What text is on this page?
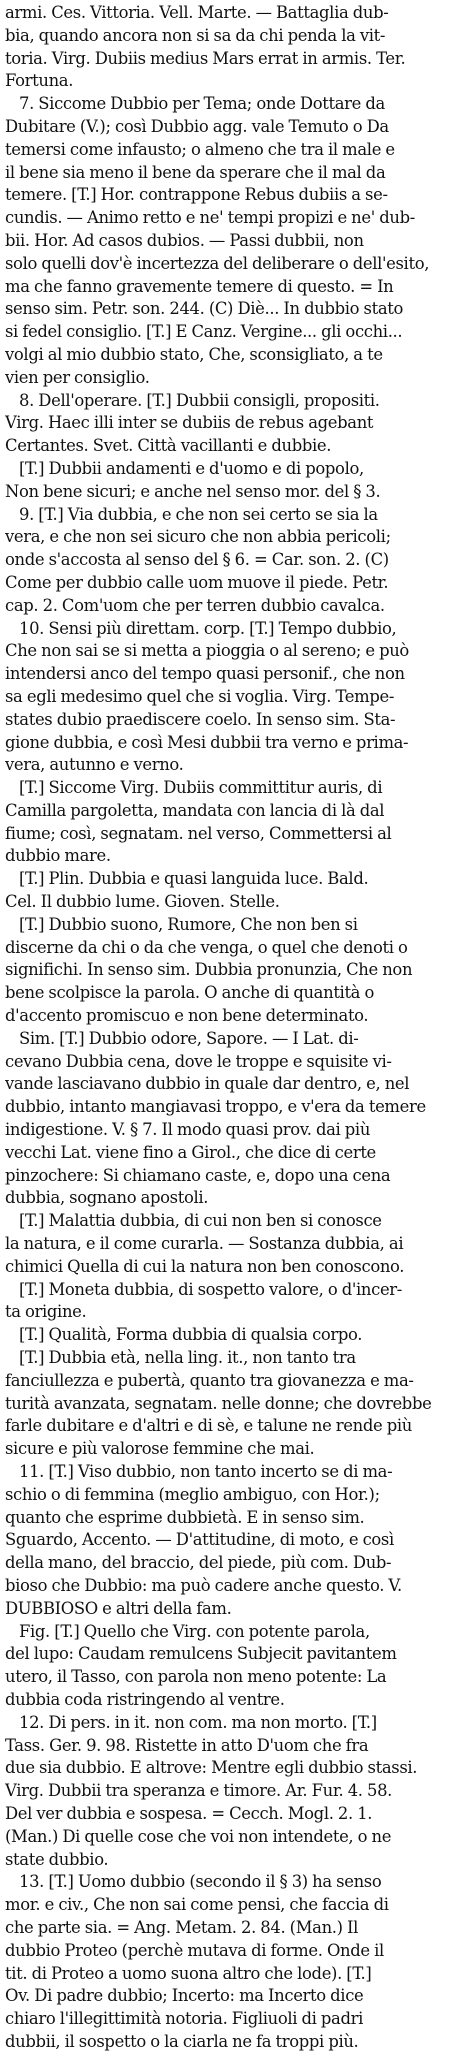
armi. Ces. Vittoria. Vell. Marte. — Battaglia dub-
bia, quando ancora non si sa da chi penda la vit-
toria. Virg. Dubiis medius Mars errat in armis. Ter.
Fortuna.
7. Siccome Dubbio per Tema; onde Dottare da
Dubitare (V.); così Dubbio agg. vale Temuto o Da
temersi come infausto; o almeno che tra il male e
il bene sia meno il bene da sperare che il mal da
temere. [T.] Hor. contrappone Rebus dubiis a se-
cundis. — Animo retto e ne' tempi propizi e ne' dub-
bii. Hor. Ad casos dubios. — Passi dubbii, non
solo quelli dov'è incertezza del deliberare o dell'esito,
ma che fanno gravemente temere di questo. = In
senso sim. Petr. son. 244. (C) Diè... In dubbio stato
si fedel consiglio. [T.] E Canz. Vergine... gli occhi...
volgi al mio dubbio stato, Che, sconsigliato, a te
vien per consiglio.
8. Dell'operare. [T.] Dubbii consigli, propositi.
Virg. Haec illi inter se dubiis de rebus agebant
Certantes. Svet. Città vacillanti e dubbie.
[T.] Dubbii andamenti e d'uomo e di popolo,
Non bene sicuri; e anche nel senso mor. del § 3.
9. [T.] Via dubbia, e che non sei certo se sia la
vera, e che non sei sicuro che non abbia pericoli;
onde s'accosta al senso del § 6. = Car. son. 2. (C)
Come per dubbio calle uom muove il piede. Petr.
cap. 2. Com'uom che per terren dubbio cavalca.
10. Sensi più direttam. corp. [T.] Tempo dubbio,
Che non sai se si metta a pioggia o al sereno; e può
intendersi anco del tempo quasi personif., che non
sa egli medesimo quel che si voglia. Virg. Tempe-
states dubio praediscere coelo. In senso sim. Sta-
gione dubbia, e così Mesi dubbii tra verno e prima-
vera, autunno e verno.
[T.] Siccome Virg. Dubiis committitur auris, di
Camilla pargoletta, mandata con lancia di là dal
fiume; così, segnatam. nel verso, Commettersi al
dubbio mare.
[T.] Plin. Dubbia e quasi languida luce. Bald.
Cel. Il dubbio lume. Gioven. Stelle.
[T.] Dubbio suono, Rumore, Che non ben si
discerne da chi o da che venga, o quel che denoti o
significhi. In senso sim. Dubbia pronunzia, Che non
bene scolpisce la parola. O anche di quantità o
d'accento promiscuo e non bene determinato.
Sim. [T.] Dubbio odore, Sapore. — I Lat. di-
cevano Dubbia cena, dove le troppe e squisite vi-
vande lasciavano dubbio in quale dar dentro, e, nel
dubbio, intanto mangiavasi troppo, e v'era da temere
indigestione. V. § 7. Il modo quasi prov. dai più
vecchi Lat. viene fino a Girol., che dice di certe
pinzochere: Si chiamano caste, e, dopo una cena
dubbia, sognano apostoli.
[T.] Malattia dubbia, di cui non ben si conosce
la natura, e il come curarla. — Sostanza dubbia, ai
chimici Quella di cui la natura non ben conoscono.
[T.] Moneta dubbia, di sospetto valore, o d'incer-
ta origine.
[T.] Qualità, Forma dubbia di qualsia corpo.
[T.] Dubbia età, nella ling. it., non tanto tra
fanciullezza e pubertà, quanto tra giovanezza e ma-
turità avanzata, segnatam. nelle donne; che dovrebbe
farle dubitare e d'altri e di sè, e talune ne rende più
sicure e più valorose femmine che mai.
11. [T.] Viso dubbio, non tanto incerto se di ma-
schio o di femmina (meglio ambiguo, con Hor.);
quanto che esprime dubbietà. E in senso sim.
Sguardo, Accento. — D'attitudine, di moto, e così
della mano, del braccio, del piede, più com. Dub-
bioso che Dubbio: ma può cadere anche questo. V.
DUBBIOSO e altri della fam.
Fig. [T.] Quello che Virg. con potente parola,
del lupo: Caudam remulcens Subjecit pavitantem
utero, il Tasso, con parola non meno potente: La
dubbia coda ristringendo al ventre.
12. Di pers. in it. non com. ma non morto. [T.]
Tass. Ger. 9. 98. Ristette in atto D'uom che fra
due sia dubbio. E altrove: Mentre egli dubbio stassi.
Virg. Dubbii tra speranza e timore. Ar. Fur. 4. 58.
Del ver dubbia e sospesa. = Cecch. Mogl. 2. 1.
(Man.) Di quelle cose che voi non intendete, o ne
state dubbio.
13. [T.] Uomo dubbio (secondo il § 3) ha senso
mor. e civ., Che non sai come pensi, che faccia di
che parte sia. = Ang. Metam. 2. 84. (Man.) Il
dubbio Proteo (perchè mutava di forme. Onde il
tit. di Proteo a uomo suona altro che lode). [T.]
Ov. Di padre dubbio; Incerto: ma Incerto dice
chiaro l'illegittimità notoria. Figliuoli di padri
dubbii, il sospetto o la ciarla ne fa troppi più.
